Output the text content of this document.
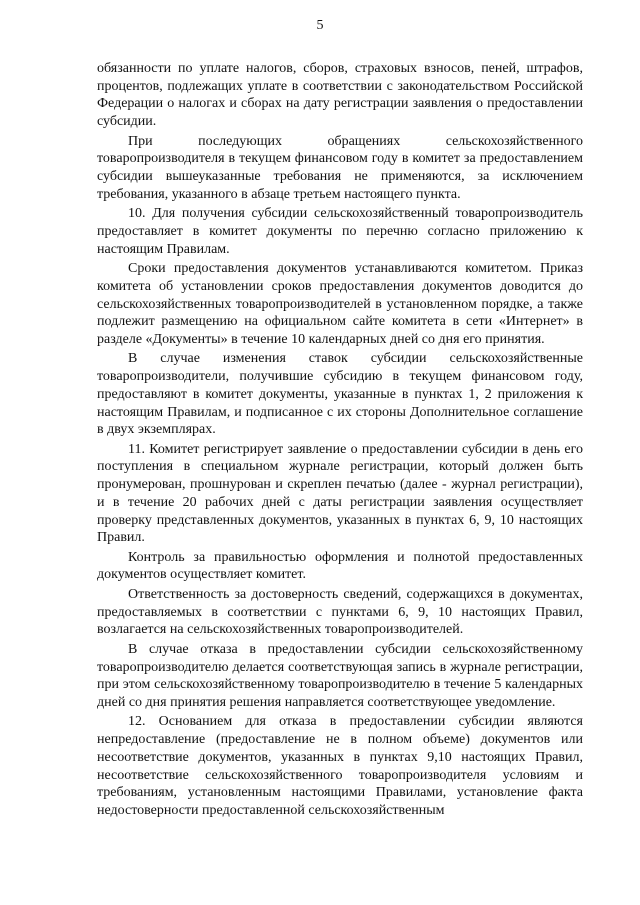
5

обязанности по уплате налогов, сборов, страховых взносов, пеней, штрафов, процентов, подлежащих уплате в соответствии с законодательством Российской Федерации о налогах и сборах на дату регистрации заявления о предоставлении субсидии.

При последующих обращениях сельскохозяйственного товаропроизводителя в текущем финансовом году в комитет за предоставлением субсидии вышеуказанные требования не применяются, за исключением требования, указанного в абзаце третьем настоящего пункта.

10. Для получения субсидии сельскохозяйственный товаропроизводитель предоставляет в комитет документы по перечню согласно приложению к настоящим Правилам.

Сроки предоставления документов устанавливаются комитетом. Приказ комитета об установлении сроков предоставления документов доводится до сельскохозяйственных товаропроизводителей в установленном порядке, а также подлежит размещению на официальном сайте комитета в сети «Интернет» в разделе «Документы» в течение 10 календарных дней со дня его принятия.

В случае изменения ставок субсидии сельскохозяйственные товаропроизводители, получившие субсидию в текущем финансовом году, предоставляют в комитет документы, указанные в пунктах 1, 2 приложения к настоящим Правилам, и подписанное с их стороны Дополнительное соглашение в двух экземплярах.

11. Комитет регистрирует заявление о предоставлении субсидии в день его поступления в специальном журнале регистрации, который должен быть пронумерован, прошнурован и скреплен печатью (далее - журнал регистрации), и в течение 20 рабочих дней с даты регистрации заявления осуществляет проверку представленных документов, указанных в пунктах 6, 9, 10 настоящих Правил.

Контроль за правильностью оформления и полнотой предоставленных документов осуществляет комитет.

Ответственность за достоверность сведений, содержащихся в документах, предоставляемых в соответствии с пунктами 6, 9, 10 настоящих Правил, возлагается на сельскохозяйственных товаропроизводителей.

В случае отказа в предоставлении субсидии сельскохозяйственному товаропроизводителю делается соответствующая запись в журнале регистрации, при этом сельскохозяйственному товаропроизводителю в течение 5 календарных дней со дня принятия решения направляется соответствующее уведомление.

12. Основанием для отказа в предоставлении субсидии являются непредоставление (предоставление не в полном объеме) документов или несоответствие документов, указанных в пунктах 9,10 настоящих Правил, несоответствие сельскохозяйственного товаропроизводителя условиям и требованиям, установленным настоящими Правилами, установление факта недостоверности предоставленной сельскохозяйственным
